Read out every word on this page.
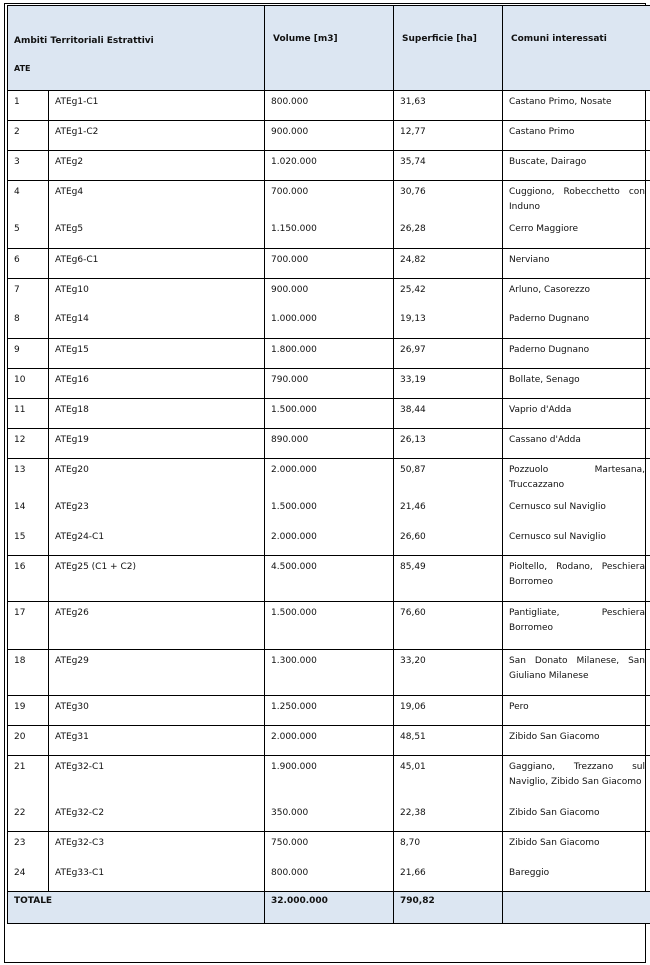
Ambiti Territoriali Estrattivi
ATE		Volume [m3]	Superficie [ha]	Comuni interessati

1	ATEg1-C1	800.000	31,63	Castano Primo, Nosate
2	ATEg1-C2	900.000	12,77	Castano Primo
3	ATEg2	1.020.000	35,74	Buscate, Dairago
4	ATEg4	700.000	30,76	Cuggiono, Robecchetto con Induno
5	ATEg5	1.150.000	26,28	Cerro Maggiore
6	ATEg6-C1	700.000	24,82	Nerviano
7	ATEg10	900.000	25,42	Arluno, Casorezzo
8	ATEg14	1.000.000	19,13	Paderno Dugnano
9	ATEg15	1.800.000	26,97	Paderno Dugnano
10	ATEg16	790.000	33,19	Bollate, Senago
11	ATEg18	1.500.000	38,44	Vaprio d'Adda
12	ATEg19	890.000	26,13	Cassano d'Adda
13	ATEg20	2.000.000	50,87	Pozzuolo Martesana, Truccazzano
14	ATEg23	1.500.000	21,46	Cernusco sul Naviglio
15	ATEg24-C1	2.000.000	26,60	Cernusco sul Naviglio
16	ATEg25 (C1 + C2)	4.500.000	85,49	Pioltello, Rodano, Peschiera Borromeo
17	ATEg26	1.500.000	76,60	Pantigliate, Peschiera Borromeo
18	ATEg29	1.300.000	33,20	San Donato Milanese, San Giuliano Milanese
19	ATEg30	1.250.000	19,06	Pero
20	ATEg31	2.000.000	48,51	Zibido San Giacomo
21	ATEg32-C1	1.900.000	45,01	Gaggiano, Trezzano sul Naviglio, Zibido San Giacomo
22	ATEg32-C2	350.000	22,38	Zibido San Giacomo
23	ATEg32-C3	750.000	8,70	Zibido San Giacomo
24	ATEg33-C1	800.000	21,66	Bareggio
TOTALE		32.000.000	790,82	
